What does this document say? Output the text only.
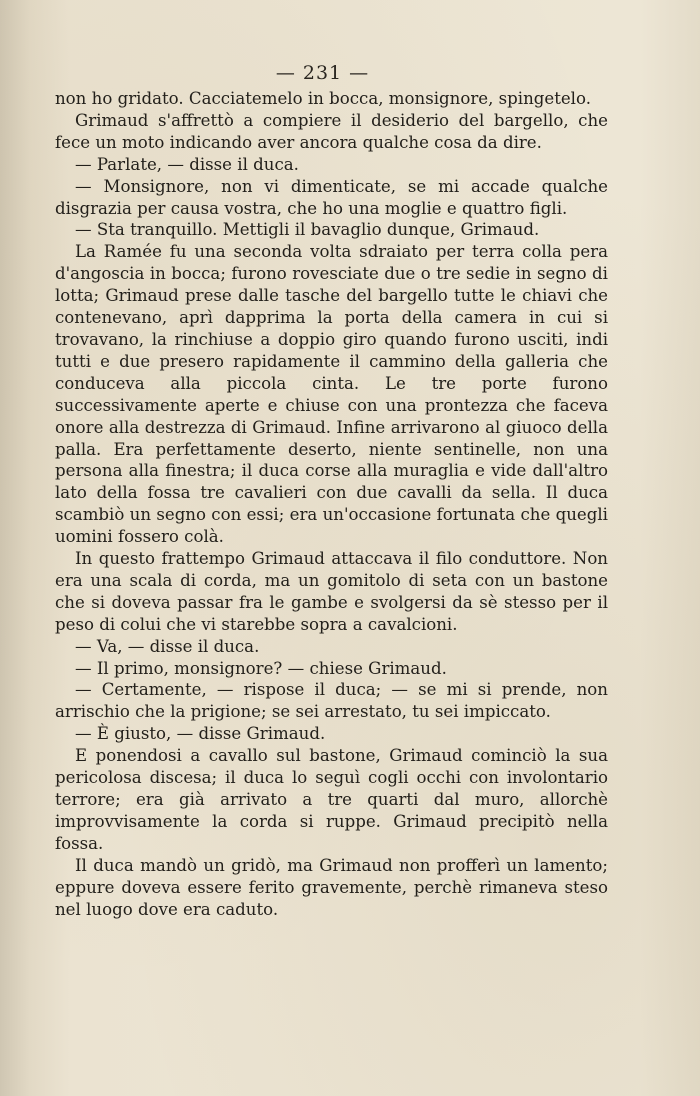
— 231 —

non ho gridato. Cacciatemelo in bocca, monsignore, spingetelo.

Grimaud s'affrettò a compiere il desiderio del bargello, che fece un moto indicando aver ancora qualche cosa da dire.

— Parlate, — disse il duca.

— Monsignore, non vi dimenticate, se mi accade qualche disgrazia per causa vostra, che ho una moglie e quattro figli.

— Sta tranquillo. Mettigli il bavaglio dunque, Grimaud.

La Ramée fu una seconda volta sdraiato per terra colla pera d'angoscia in bocca; furono rovesciate due o tre sedie in segno di lotta; Grimaud prese dalle tasche del bargello tutte le chiavi che contenevano, aprì dapprima la porta della camera in cui si trovavano, la rinchiuse a doppio giro quando furono usciti, indi tutti e due presero rapidamente il cammino della galleria che conduceva alla piccola cinta. Le tre porte furono successivamente aperte e chiuse con una prontezza che faceva onore alla destrezza di Grimaud. Infine arrivarono al giuoco della palla. Era perfettamente deserto, niente sentinelle, non una persona alla finestra; il duca corse alla muraglia e vide dall'altro lato della fossa tre cavalieri con due cavalli da sella. Il duca scambiò un segno con essi; era un'occasione fortunata che quegli uomini fossero colà.

In questo frattempo Grimaud attaccava il filo conduttore. Non era una scala di corda, ma un gomitolo di seta con un bastone che si doveva passar fra le gambe e svolgersi da sè stesso per il peso di colui che vi starebbe sopra a cavalcioni.

— Va, — disse il duca.

— Il primo, monsignore? — chiese Grimaud.

— Certamente, — rispose il duca; — se mi si prende, non arrischio che la prigione; se sei arrestato, tu sei impiccato.

— È giusto, — disse Grimaud.

E ponendosi a cavallo sul bastone, Grimaud cominciò la sua pericolosa discesa; il duca lo seguì cogli occhi con involontario terrore; era già arrivato a tre quarti dal muro, allorchè improvvisamente la corda si ruppe. Grimaud precipitò nella fossa.

Il duca mandò un gridò, ma Grimaud non profferì un lamento; eppure doveva essere ferito gravemente, perchè rimaneva steso nel luogo dove era caduto.
